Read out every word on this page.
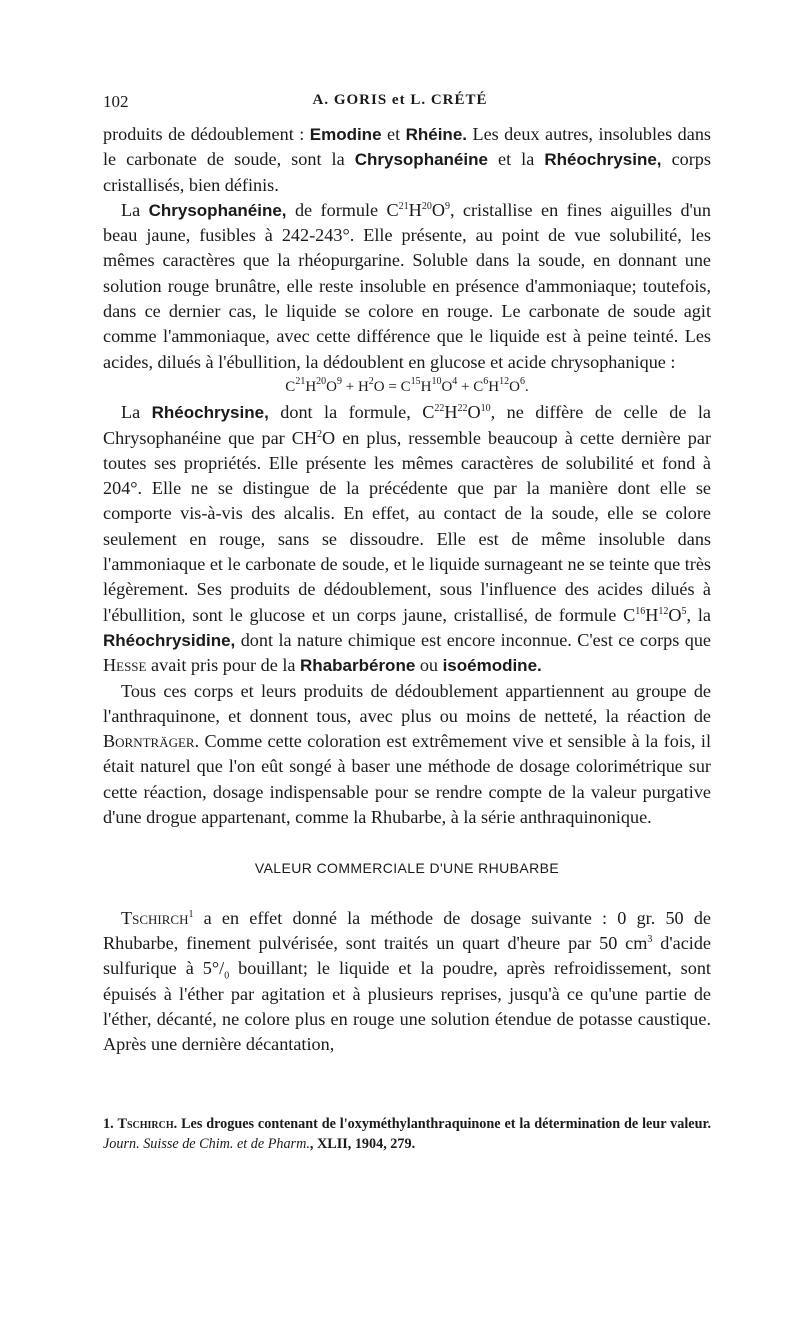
102	A. GORIS et L. CRÉTÉ

produits de dédoublement : Emodine et Rhéine. Les deux autres, insolubles dans le carbonate de soude, sont la Chrysophanéine et la Rhéochrysine, corps cristallisés, bien définis.

La Chrysophanéine, de formule $C^{21}H^{20}O^9$, cristallise en fines aiguilles d'un beau jaune, fusibles à 242-243°. Elle présente, au point de vue solubilité, les mêmes caractères que la rhéopurgarine. Soluble dans la soude, en donnant une solution rouge brunâtre, elle reste insoluble en présence d'ammoniaque; toutefois, dans ce dernier cas, le liquide se colore en rouge. Le carbonate de soude agit comme l'ammoniaque, avec cette différence que le liquide est à peine teinté. Les acides, dilués à l'ébullition, la dédoublent en glucose et acide chrysophanique :

$C^{21}H^{20}O^9 + H^2O = C^{15}H^{10}O^4 + C^6H^{12}O^6$.

La Rhéochrysine, dont la formule, $C^{22}H^{22}O^{10}$, ne diffère de celle de la Chrysophanéine que par $CH^2O$ en plus, ressemble beaucoup à cette dernière par toutes ses propriétés. Elle présente les mêmes caractères de solubilité et fond à 204°. Elle ne se distingue de la précédente que par la manière dont elle se comporte vis-à-vis des alcalis. En effet, au contact de la soude, elle se colore seulement en rouge, sans se dissoudre. Elle est de même insoluble dans l'ammoniaque et le carbonate de soude, et le liquide surnageant ne se teinte que très légèrement. Ses produits de dédoublement, sous l'influence des acides dilués à l'ébullition, sont le glucose et un corps jaune, cristallisé, de formule $C^{16}H^{12}O^5$, la Rhéochrysidine, dont la nature chimique est encore inconnue. C'est ce corps que Hesse avait pris pour de la Rhabarbérone ou isoémodine.

Tous ces corps et leurs produits de dédoublement appartiennent au groupe de l'anthraquinone, et donnent tous, avec plus ou moins de netteté, la réaction de Bornträger. Comme cette coloration est extrêmement vive et sensible à la fois, il était naturel que l'on eût songé à baser une méthode de dosage colorimétrique sur cette réaction, dosage indispensable pour se rendre compte de la valeur purgative d'une drogue appartenant, comme la Rhubarbe, à la série anthraquinonique.

VALEUR COMMERCIALE D'UNE RHUBARBE

Tschirch$^1$ a en effet donné la méthode de dosage suivante : 0 gr. 50 de Rhubarbe, finement pulvérisée, sont traités un quart d'heure par 50 $cm^3$ d'acide sulfurique à $5^\circ/_0$ bouillant; le liquide et la poudre, après refroidissement, sont épuisés à l'éther par agitation et à plusieurs reprises, jusqu'à ce qu'une partie de l'éther, décanté, ne colore plus en rouge une solution étendue de potasse caustique. Après une dernière décantation,

1. Tschirch. Les drogues contenant de l'oxyméthylanthraquinone et la détermination de leur valeur. Journ. Suisse de Chim. et de Pharm., XLII, 1904, 279.
